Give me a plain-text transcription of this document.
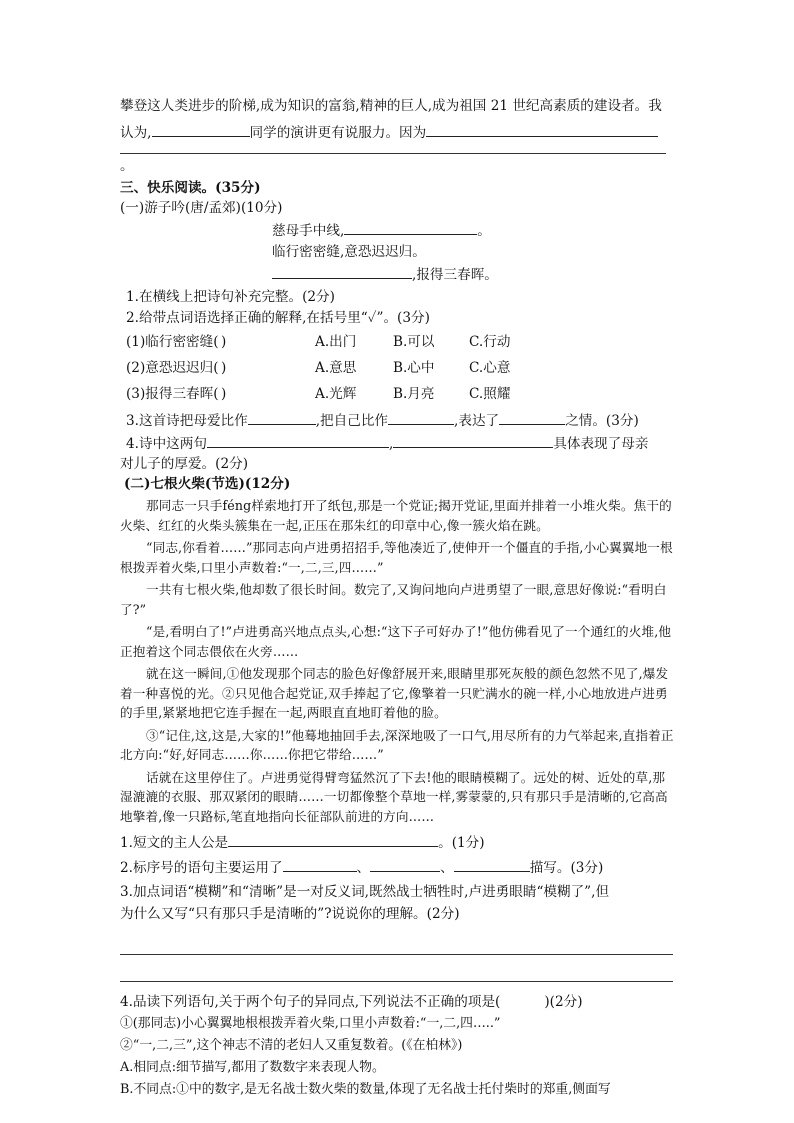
攀登这人类进步的阶梯,成为知识的富翁,精神的巨人,成为祖国 21 世纪高素质的建设者。我
认为,	同学的演讲更有说服力。因为
。
三、快乐阅读。(35分)
(一)游子吟(唐/孟郊)(10分)
慈母手中线,	。
临行密密缝,意恐迟迟归。
,报得三春晖。
1.在横线上把诗句补充完整。(2分)
2.给带点词语选择正确的解释,在括号里“✓”。(3分)
(1)临行密密缝( )	A.出门	B.可以	C.行动
(2)意恐迟迟归( )	A.意思	B.心中	C.心意
(3)报得三春晖( )	A.光辉	B.月亮	C.照耀
3.这首诗把母爱比作	,把自己比作	,表达了	之情。(3分)
4.诗中这两句	,	具体表现了母亲
对儿子的厚爱。(2分)
(二)七根火柴(节选)(12分)
那同志一只手féng样索地打开了纸包,那是一个党证;揭开党证,里面并排着一小堆火柴。焦干的火柴、红红的火柴头簇集在一起,正压在那朱红的印章中心,像一簇火焰在跳。
“同志,你看着……”那同志向卢进勇招招手,等他凑近了,使伸开一个僵直的手指,小心翼翼地一根根拨弄着火柴,口里小声数着:“一,二,三,四……”
一共有七根火柴,他却数了很长时间。数完了,又询问地向卢进勇望了一眼,意思好像说:“看明白了?”
“是,看明白了!”卢进勇高兴地点点头,心想:“这下子可好办了!”他仿佛看见了一个通红的火堆,他正抱着这个同志偎依在火旁……
就在这一瞬间,①他发现那个同志的脸色好像舒展开来,眼睛里那死灰般的颜色忽然不见了,爆发着一种喜悦的光。②只见他合起党证,双手捧起了它,像擎着一只贮满水的碗一样,小心地放进卢进勇的手里,紧紧地把它连手握在一起,两眼直直地盯着他的脸。
③“记住,这,这是,大家的!”他蓦地抽回手去,深深地吸了一口气,用尽所有的力气举起来,直指着正北方向:“好,好同志……你……你把它带给……”
话就在这里停住了。卢进勇觉得臂弯猛然沉了下去!他的眼睛模糊了。远处的树、近处的草,那湿漉漉的衣服、那双紧闭的眼睛……一切都像整个草地一样,雾蒙蒙的,只有那只手是清晰的,它高高地擎着,像一只路标,笔直地指向长征部队前进的方向……
1.短文的主人公是	。(1分)
2.标序号的语句主要运用了	、	、	描写。(3分)
3.加点词语“模糊”和“清晰”是一对反义词,既然战士牺牲时,卢进勇眼睛“模糊了”,但
为什么又写“只有那只手是清晰的”?说说你的理解。(2分)
4.品读下列语句,关于两个句子的异同点,下列说法不正确的项是(	)(2分)
①(那同志)小心翼翼地根根拨弄着火柴,口里小声数着:“一,二,四…..”
②“一,二,三”,这个神志不清的老妇人又重复数着。(《在柏林》)
A.相同点:细节描写,都用了数数字来表现人物。
B.不同点:①中的数字,是无名战士数火柴的数量,体现了无名战士托付柴时的郑重,侧面写
